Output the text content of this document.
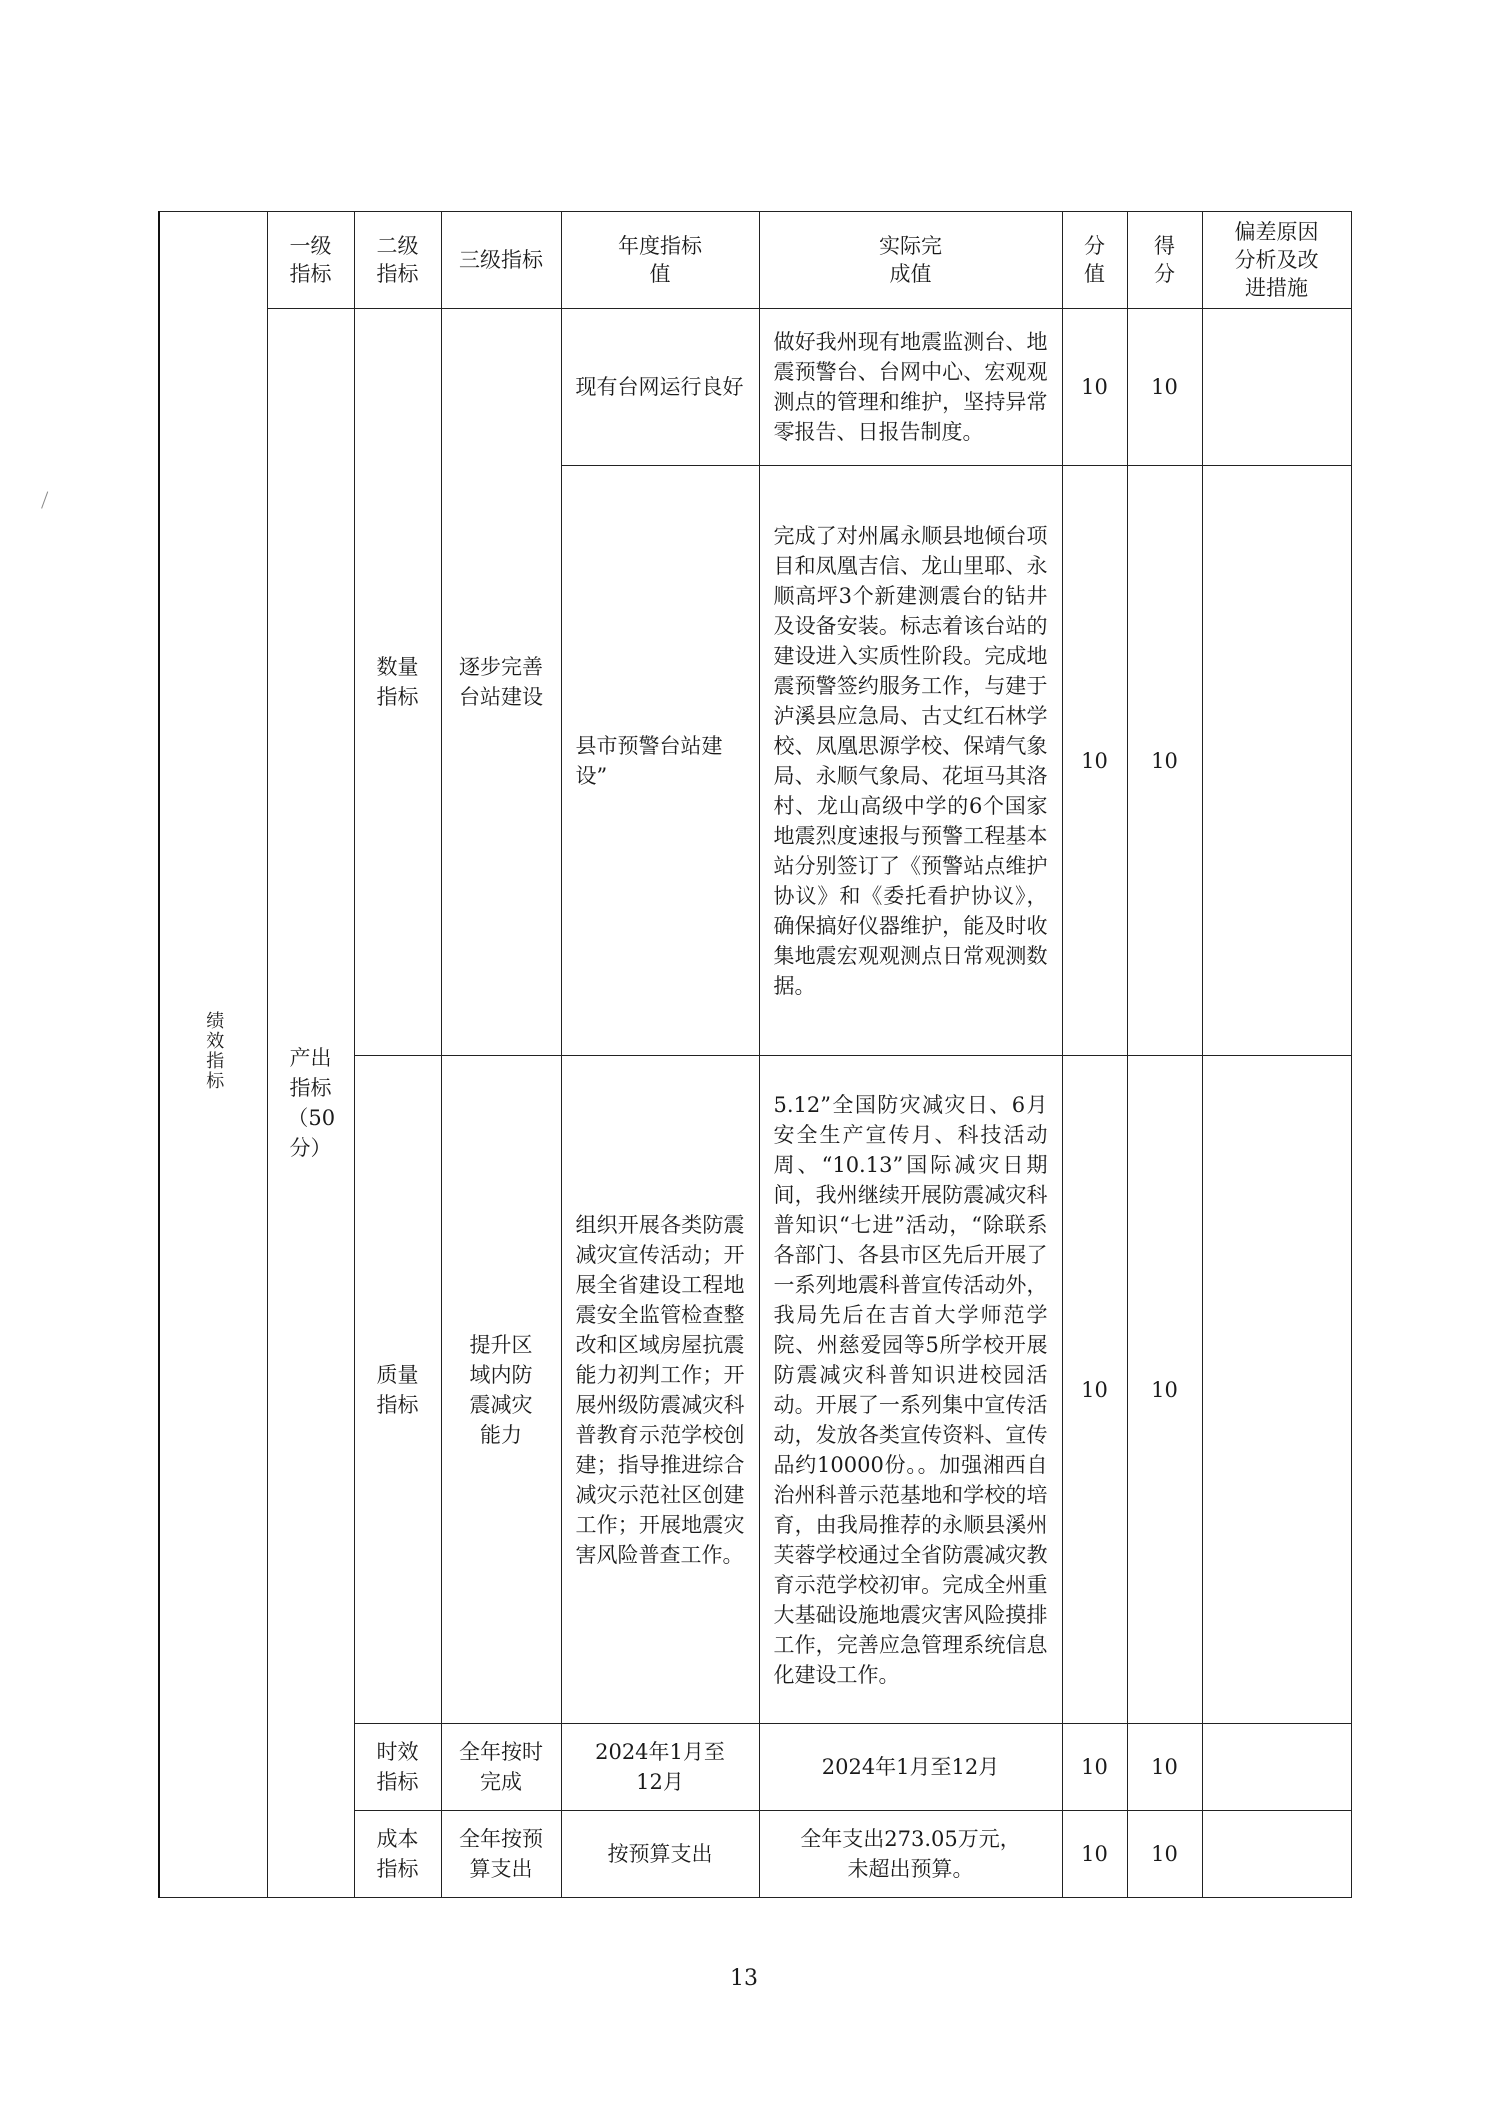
绩效指标	一级指标	二级指标	三级指标	年度指标值	实际完成值	分值	得分	偏差原因分析及改进措施

	产出指标（50分）	数量指标	逐步完善台站建设	现有台网运行良好	做好我州现有地震监测台、地震预警台、台网中心、宏观观测点的管理和维护，坚持异常零报告、日报告制度。	10	10	
				县市预警台站建设”	完成了对州属永顺县地倾台项目和凤凰吉信、龙山里耶、永顺高坪3个新建测震台的钻井及设备安装。标志着该台站的建设进入实质性阶段。完成地震预警签约服务工作，与建于泸溪县应急局、古丈红石林学校、凤凰思源学校、保靖气象局、永顺气象局、花垣马其洛村、龙山高级中学的6个国家地震烈度速报与预警工程基本站分别签订了《预警站点维护协议》和《委托看护协议》，确保搞好仪器维护，能及时收集地震宏观观测点日常观测数据。	10	10	

		质量指标	提升区域内防震减灾能力	组织开展各类防震减灾宣传活动；开展全省建设工程地震安全监管检查整改和区域房屋抗震能力初判工作；开展州级防震减灾科普教育示范学校创建；指导推进综合减灾示范社区创建工作；开展地震灾害风险普查工作。	5.12”全国防灾减灾日、6月安全生产宣传月、科技活动周、“10.13”国际减灾日期间，我州继续开展防震减灾科普知识“七进”活动，“除联系各部门、各县市区先后开展了一系列地震科普宣传活动外，我局先后在吉首大学师范学院、州慈爱园等5所学校开展防震减灾科普知识进校园活动。开展了一系列集中宣传活动，发放各类宣传资料、宣传品约10000份。。加强湘西自治州科普示范基地和学校的培育，由我局推荐的永顺县溪州芙蓉学校通过全省防震减灾教育示范学校初审。完成全州重大基础设施地震灾害风险摸排工作，完善应急管理系统信息化建设工作。	10	10	

		时效指标	全年按时完成	2024年1月至12月	2024年1月至12月	10	10	

		成本指标	全年按预算支出	按预算支出	全年支出273.05万元，未超出预算。	10	10	
13
